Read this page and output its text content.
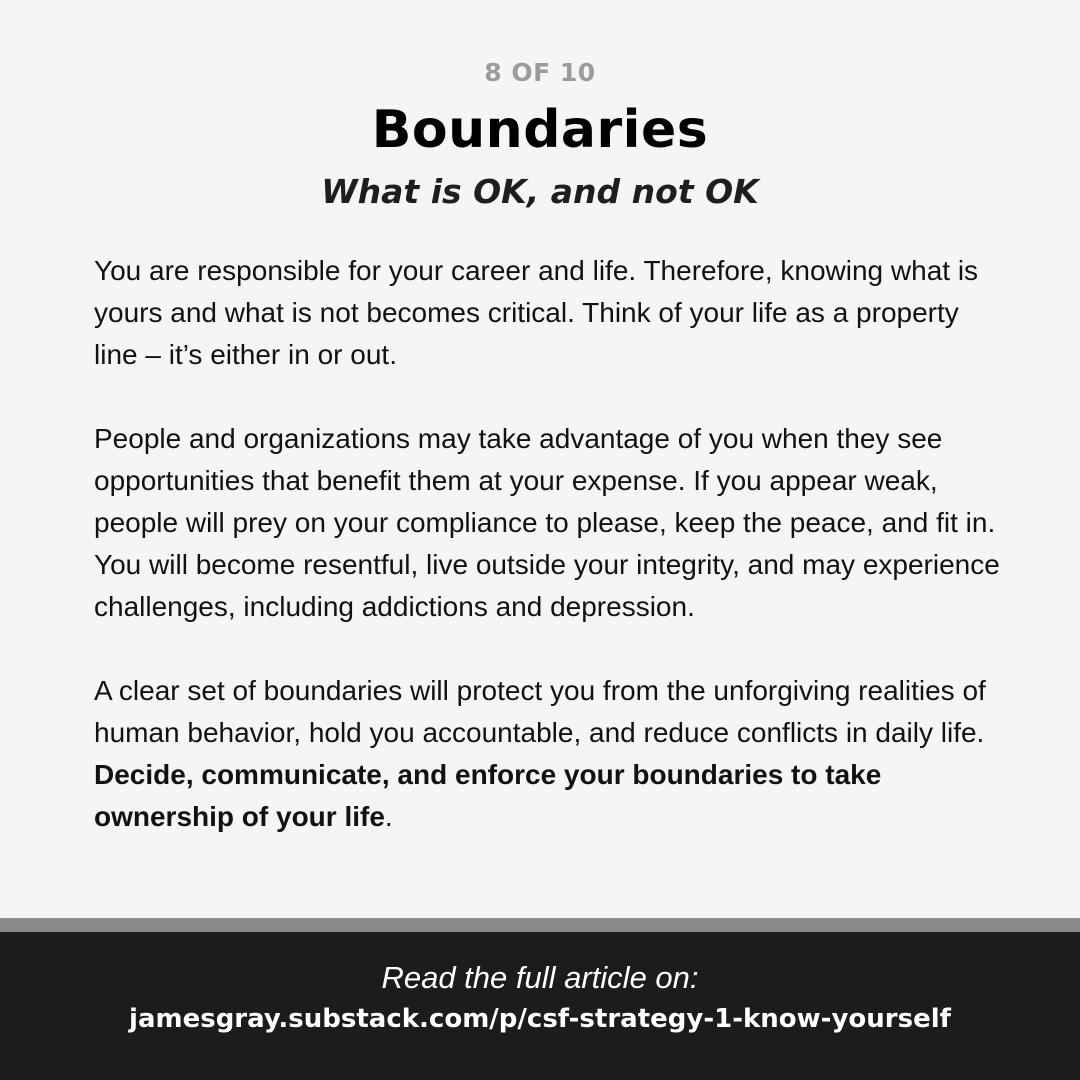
8 OF 10
Boundaries
What is OK, and not OK

You are responsible for your career and life. Therefore, knowing what is yours and what is not becomes critical. Think of your life as a property line – it’s either in or out.

People and organizations may take advantage of you when they see opportunities that benefit them at your expense. If you appear weak, people will prey on your compliance to please, keep the peace, and fit in. You will become resentful, live outside your integrity, and may experience challenges, including addictions and depression.

A clear set of boundaries will protect you from the unforgiving realities of human behavior, hold you accountable, and reduce conflicts in daily life. Decide, communicate, and enforce your boundaries to take ownership of your life.

Read the full article on:
jamesgray.substack.com/p/csf-strategy-1-know-yourself
